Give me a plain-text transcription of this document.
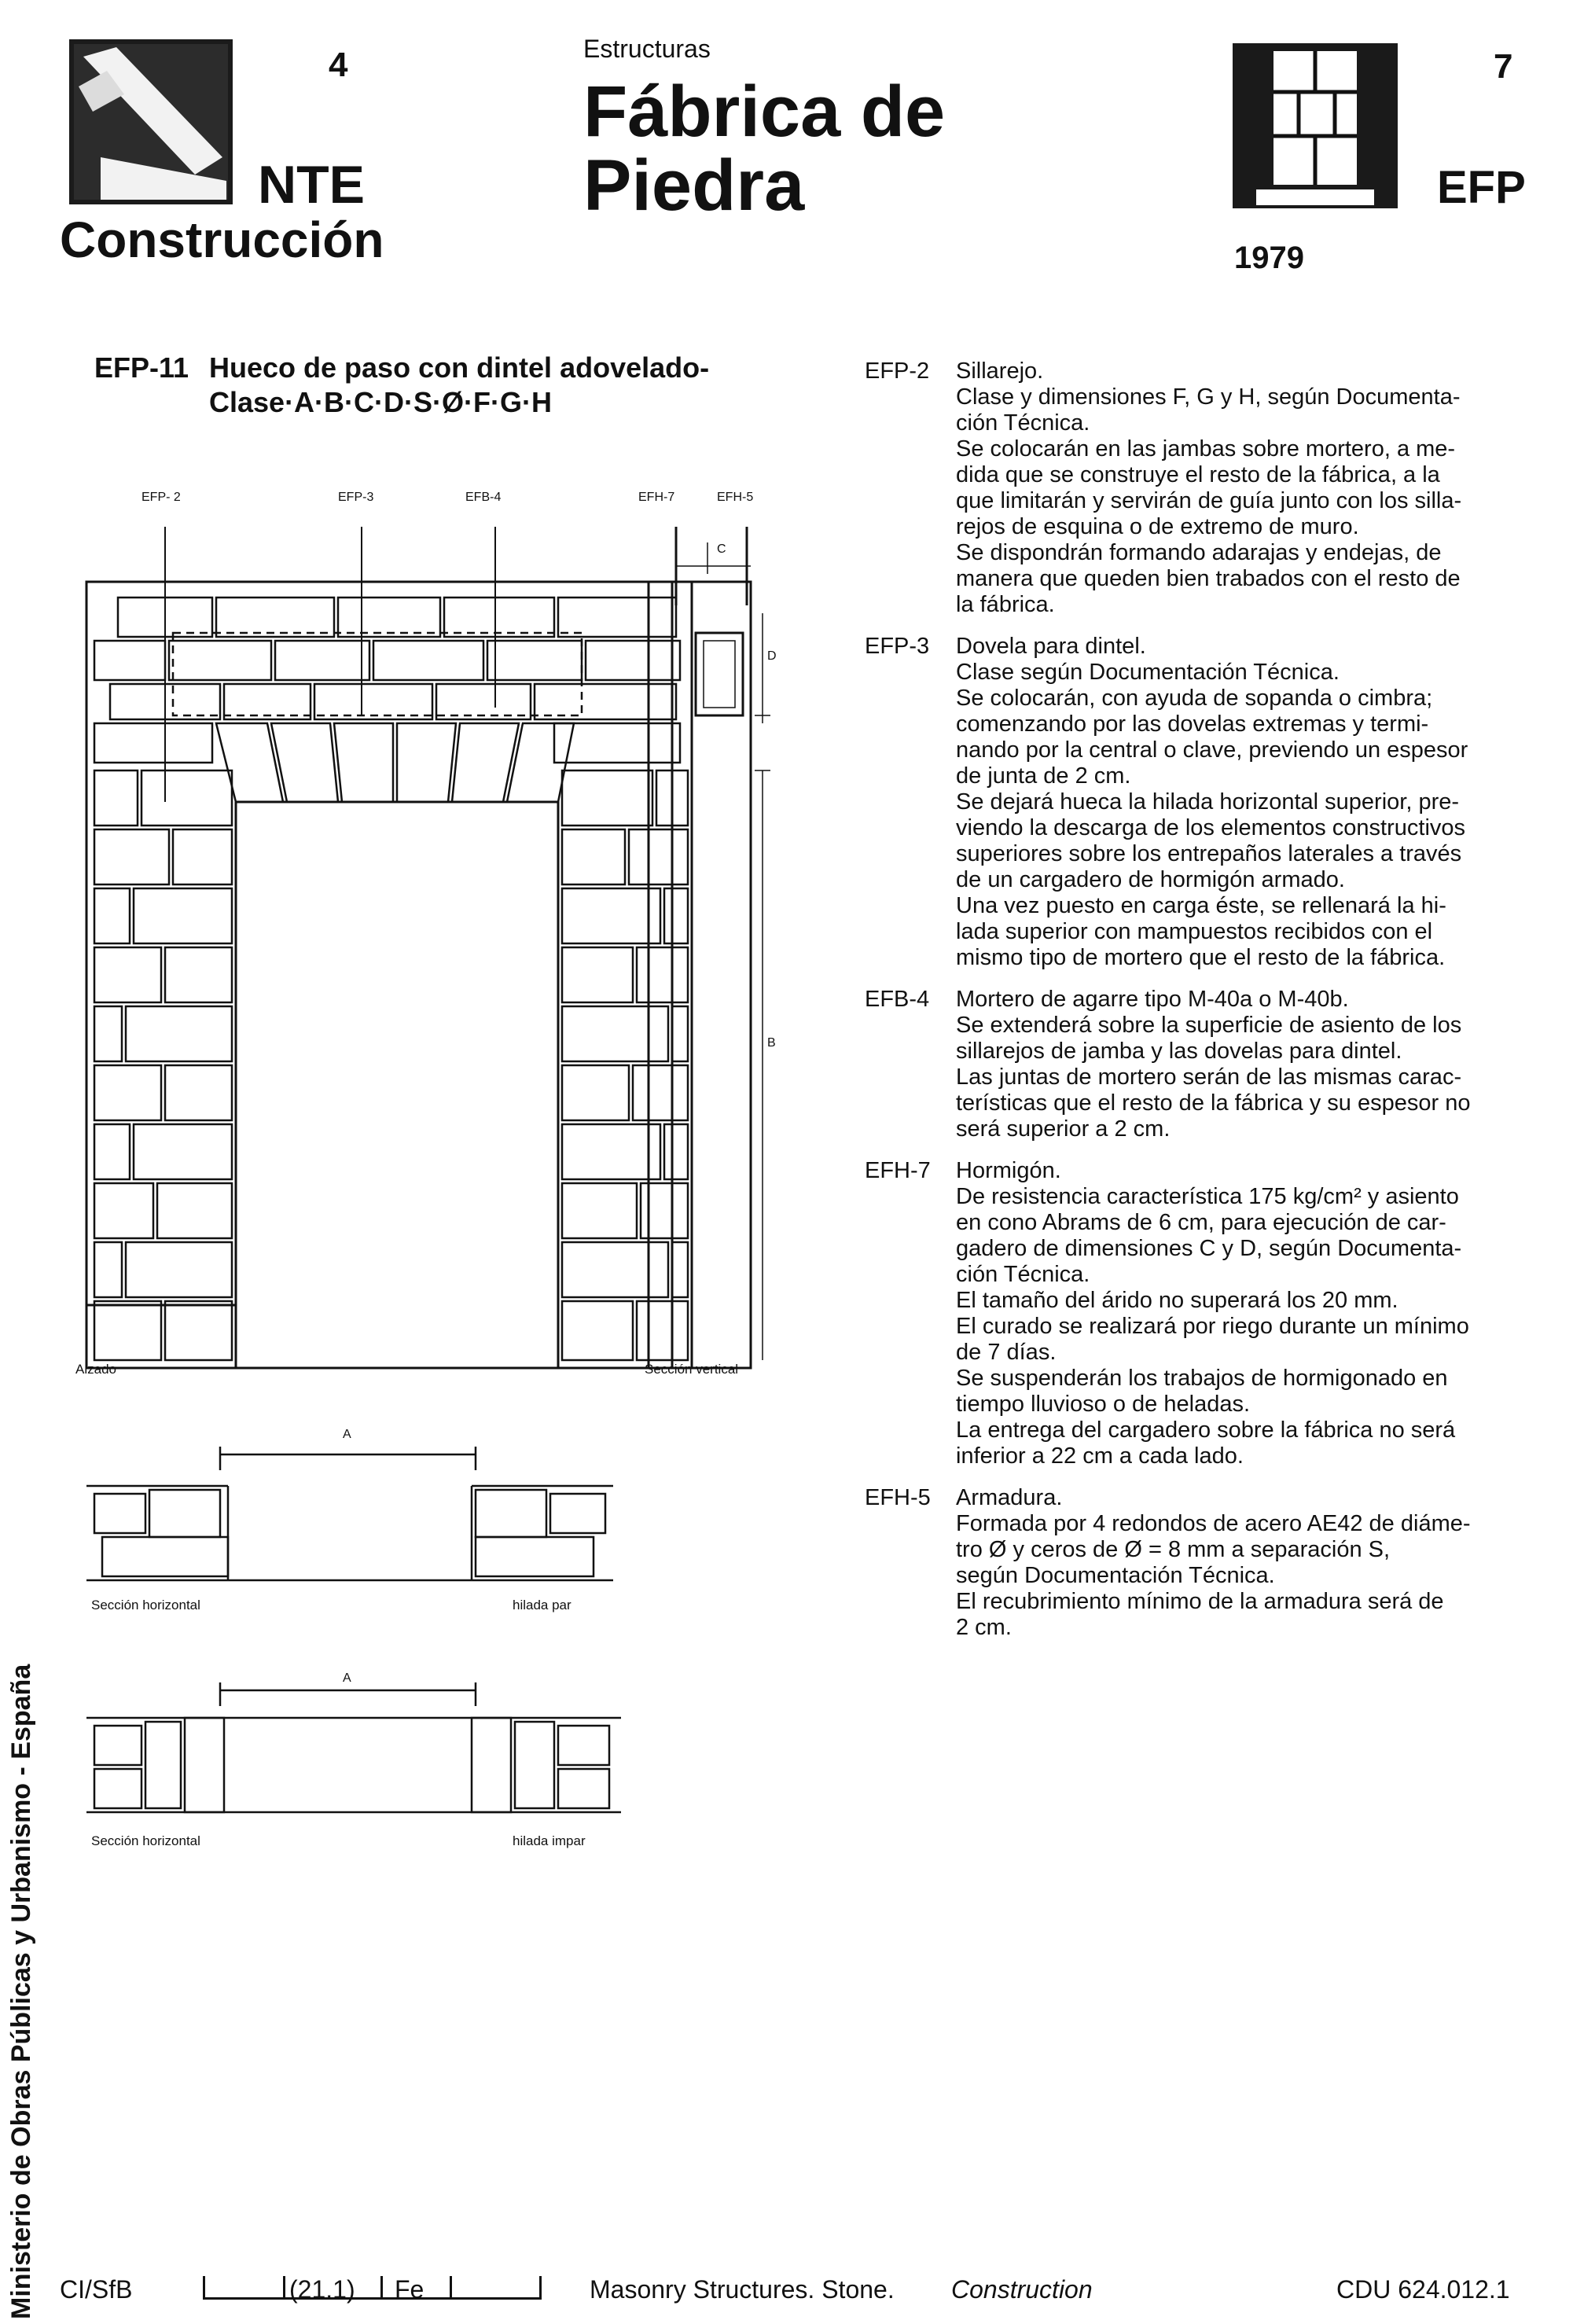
4
NTE
Construcción
Estructuras
Fábrica de
Piedra
7
EFP
1979
EFP-11 Hueco de paso con dintel adovelado-
Clase·A·B·C·D·S·Ø·F·G·H
EFP- 2	EFP-3	EFB-4
Alzado
EFH-7	EFH-5
C
D
B
Sección vertical
A
Sección horizontal	hilada par
A
Sección horizontal	hilada impar
EFP-2 Sillarejo.
Clase y dimensiones F, G y H, según Documenta-
ción Técnica.
Se colocarán en las jambas sobre mortero, a me-
dida que se construye el resto de la fábrica, a la
que limitarán y servirán de guía junto con los silla-
rejos de esquina o de extremo de muro.
Se dispondrán formando adarajas y endejas, de
manera que queden bien trabados con el resto de
la fábrica.
EFP-3 Dovela para dintel.
Clase según Documentación Técnica.
Se colocarán, con ayuda de sopanda o cimbra;
comenzando por las dovelas extremas y termi-
nando por la central o clave, previendo un espesor
de junta de 2 cm.
Se dejará hueca la hilada horizontal superior, pre-
viendo la descarga de los elementos constructivos
superiores sobre los entrepaños laterales a través
de un cargadero de hormigón armado.
Una vez puesto en carga éste, se rellenará la hi-
lada superior con mampuestos recibidos con el
mismo tipo de mortero que el resto de la fábrica.
EFB-4 Mortero de agarre tipo M-40a o M-40b.
Se extenderá sobre la superficie de asiento de los
sillarejos de jamba y las dovelas para dintel.
Las juntas de mortero serán de las mismas carac-
terísticas que el resto de la fábrica y su espesor no
será superior a 2 cm.
EFH-7 Hormigón.
De resistencia característica 175 kg/cm² y asiento
en cono Abrams de 6 cm, para ejecución de car-
gadero de dimensiones C y D, según Documenta-
ción Técnica.
El tamaño del árido no superará los 20 mm.
El curado se realizará por riego durante un mínimo
de 7 días.
Se suspenderán los trabajos de hormigonado en
tiempo lluvioso o de heladas.
La entrega del cargadero sobre la fábrica no será
inferior a 22 cm a cada lado.
EFH-5 Armadura.
Formada por 4 redondos de acero AE42 de diáme-
tro Ø y ceros de Ø = 8 mm a separación S,
según Documentación Técnica.
El recubrimiento mínimo de la armadura será de
2 cm.
Ministerio de Obras Públicas y Urbanismo - España CI/SfB	(21.1) Fe	Masonry Structures. Stone. Construction	CDU 624.012.1
